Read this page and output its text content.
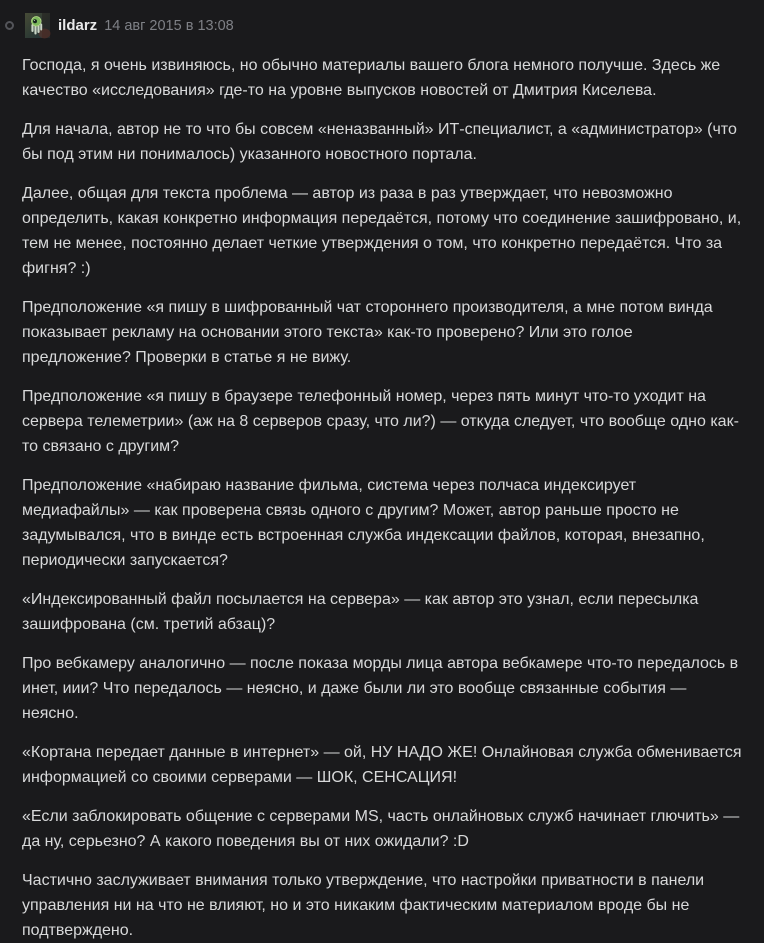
ildarz 14 авг 2015 в 13:08

Господа, я очень извиняюсь, но обычно материалы вашего блога немного получше. Здесь же качество «исследования» где-то на уровне выпусков новостей от Дмитрия Киселева.

Для начала, автор не то что бы совсем «неназванный» ИТ-специалист, а «администратор» (что бы под этим ни понималось) указанного новостного портала.

Далее, общая для текста проблема — автор из раза в раз утверждает, что невозможно определить, какая конкретно информация передаётся, потому что соединение зашифровано, и, тем не менее, постоянно делает четкие утверждения о том, что конкретно передаётся. Что за фигня? :)

Предположение «я пишу в шифрованный чат стороннего производителя, а мне потом винда показывает рекламу на основании этого текста» как-то проверено? Или это голое предложение? Проверки в статье я не вижу.

Предположение «я пишу в браузере телефонный номер, через пять минут что-то уходит на сервера телеметрии» (аж на 8 серверов сразу, что ли?) — откуда следует, что вообще одно как-то связано с другим?

Предположение «набираю название фильма, система через полчаса индексирует медиафайлы» — как проверена связь одного с другим? Может, автор раньше просто не задумывался, что в винде есть встроенная служба индексации файлов, которая, внезапно, периодически запускается?

«Индексированный файл посылается на сервера» — как автор это узнал, если пересылка зашифрована (см. третий абзац)?

Про вебкамеру аналогично — после показа морды лица автора вебкамере что-то передалось в инет, иии? Что передалось — неясно, и даже были ли это вообще связанные события — неясно.

«Кортана передает данные в интернет» — ой, НУ НАДО ЖЕ! Онлайновая служба обменивается информацией со своими серверами — ШОК, СЕНСАЦИЯ!

«Если заблокировать общение с серверами MS, часть онлайновых служб начинает глючить» — да ну, серьезно? А какого поведения вы от них ожидали? :D

Частично заслуживает внимания только утверждение, что настройки приватности в панели управления ни на что не влияют, но и это никаким фактическим материалом вроде бы не подтверждено.
